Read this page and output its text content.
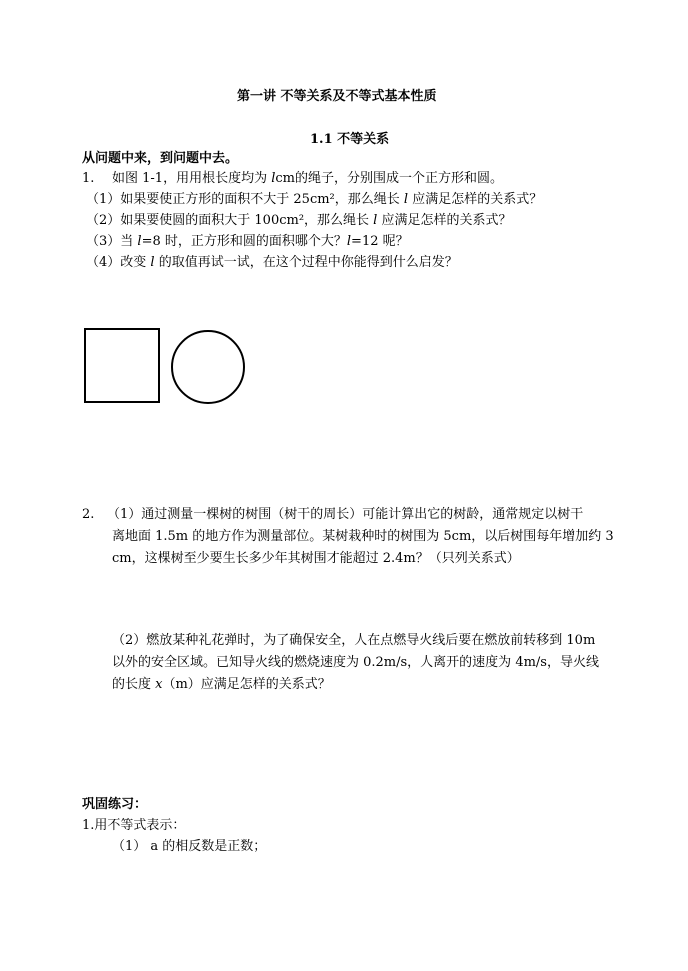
第一讲 不等关系及不等式基本性质
1.1 不等关系
从问题中来，到问题中去。
1. 如图 1-1，用用根长度均为 lcm的绳子，分别围成一个正方形和圆。
（1）如果要使正方形的面积不大于 25cm²，那么绳长 l 应满足怎样的关系式？
（2）如果要使圆的面积大于 100cm²，那么绳长 l 应满足怎样的关系式？
（3）当 l=8 时，正方形和圆的面积哪个大？l=12 呢？
（4）改变 l 的取值再试一试，在这个过程中你能得到什么启发？
2. （1）通过测量一棵树的树围（树干的周长）可能计算出它的树龄，通常规定以树干
离地面 1.5m 的地方作为测量部位。某树栽种时的树围为 5cm，以后树围每年增加约 3
cm，这棵树至少要生长多少年其树围才能超过 2.4m？（只列关系式）
（2）燃放某种礼花弹时，为了确保安全，人在点燃导火线后要在燃放前转移到 10m
以外的安全区域。已知导火线的燃烧速度为 0.2m/s，人离开的速度为 4m/s，导火线
的长度 x（m）应满足怎样的关系式？
巩固练习：
1.用不等式表示：
（1） a 的相反数是正数；
